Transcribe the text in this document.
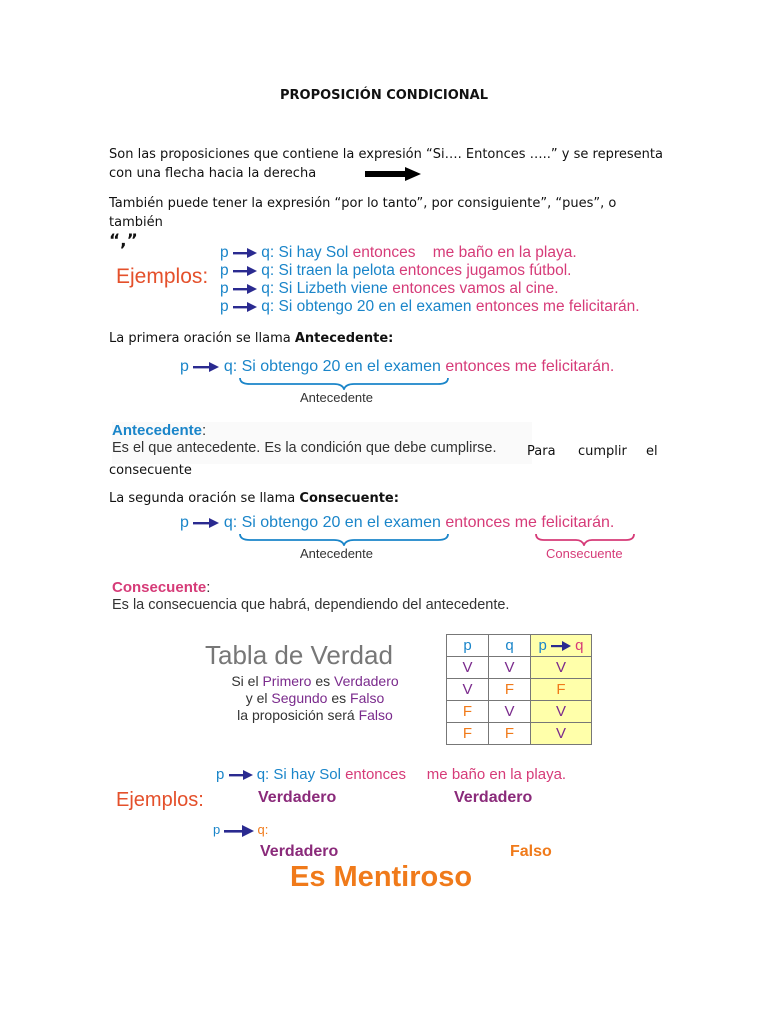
PROPOSICIÓN CONDICIONAL
Son las proposiciones que contiene la expresión “Si…. Entonces …..” y se representa
con una flecha hacia la derecha
También puede tener la expresión “por lo tanto”, por consiguiente”, “pues”, o también
“,”
Ejemplos:
p q: Si hay Sol entonces    me baño en la playa.
p q: Si traen la pelota entonces jugamos fútbol.
p q: Si Lizbeth viene entonces vamos al cine.
p q: Si obtengo 20 en el examen entonces me felicitarán.
La primera oración se llama Antecedente:
p q: Si obtengo 20 en el examen entonces me felicitarán.
Antecedente
Antecedente:
Es el que antecedente. Es la condición que debe cumplirse.	Para cumplir el
consecuente
La segunda oración se llama Consecuente:
p q: Si obtengo 20 en el examen entonces me felicitarán.
Antecedente	Consecuente
Consecuente:
Es la consecuencia que habrá, dependiendo del antecedente.
Tabla de Verdad
Si el Primero es Verdadero
y el Segundo es Falso
la proposición será Falso
p	q	p q
V	V	V
V	F	F
F	V	V
F	F	V
p q: Si hay Sol entonces     me baño en la playa.
Ejemplos:	Verdadero	Verdadero
p	q:
Verdadero	Falso
Es Mentiroso
